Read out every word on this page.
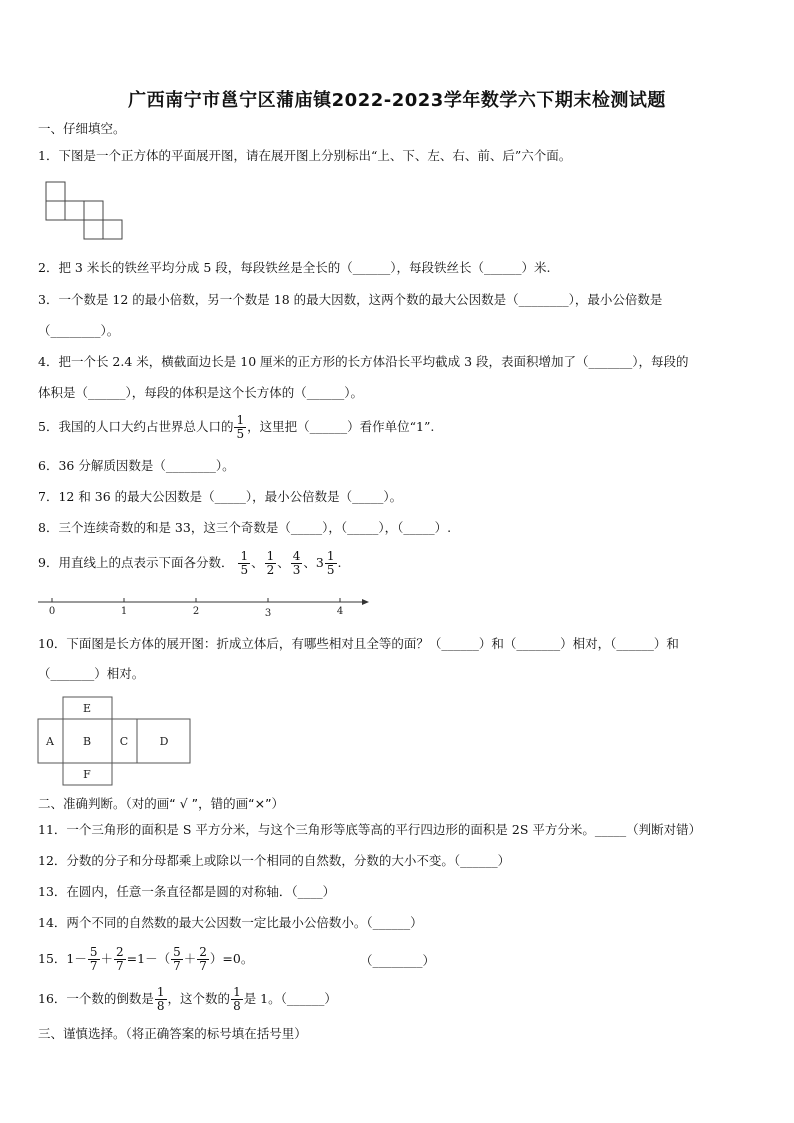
广西南宁市邕宁区蒲庙镇2022-2023学年数学六下期末检测试题
一、仔细填空。
1．下图是一个正方体的平面展开图，请在展开图上分别标出“上、下、左、右、前、后”六个面。
2．把 3 米长的铁丝平均分成 5 段，每段铁丝是全长的（______），每段铁丝长（______）米.
3．一个数是 12 的最小倍数，另一个数是 18 的最大因数，这两个数的最大公因数是（________），最小公倍数是
（________）。
4．把一个长 2.4 米，横截面边长是 10 厘米的正方形的长方体沿长平均截成 3 段，表面积增加了（_______），每段的
体积是（______），每段的体积是这个长方体的（______）。
5．我国的人口大约占世界总人口的 $\frac{1}{5}$ ，这里把（______）看作单位“1”.
6．36 分解质因数是（________）。
7．12 和 36 的最大公因数是（_____），最小公倍数是（_____）。
8．三个连续奇数的和是 33，这三个奇数是（_____），（_____），（_____）.
9．用直线上的点表示下面各分数． $\frac{1}{5}$ 、 $\frac{1}{2}$ 、 $\frac{4}{3}$ 、$3 \frac{1}{5}$ .
0	1	2	3	4
10．下面图是长方体的展开图：折成立体后，有哪些相对且全等的面？（______）和（_______）相对，（______）和
（_______）相对。
E
A	B	C	D
F
二、准确判断。（对的画“ √ ”，错的画“×”）
11．一个三角形的面积是 S 平方分米，与这个三角形等底等高的平行四边形的面积是 2S 平方分米。_____（判断对错）
12．分数的分子和分母都乘上或除以一个相同的自然数，分数的大小不变。（______）
13．在圆内，任意一条直径都是圆的对称轴．（____）
14．两个不同的自然数的最大公因数一定比最小公倍数小。（______）
15．$1- \frac{5}{7} + \frac{2}{7} =1-( \frac{5}{7} + \frac{2}{7} )=0$。	（________）
16．一个数的倒数是 $\frac{1}{8}$ ，这个数的 $\frac{1}{8}$ 是 1。（______）
三、谨慎选择。（将正确答案的标号填在括号里）
